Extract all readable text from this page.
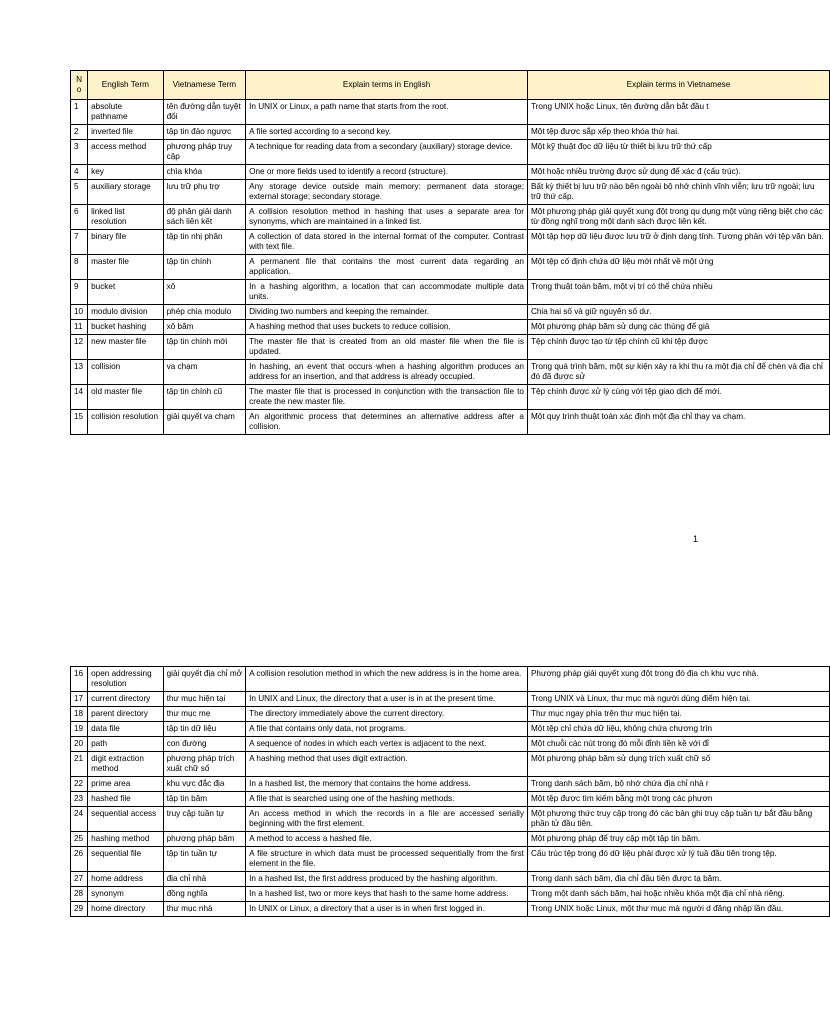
N o	English Term	Vietnamese Term	Explain terms in English	Explain terms in Vietnamese
1	absolute pathname	tên đường dẫn tuyệt đối	In UNIX or Linux, a path name that starts from the root.	Trong UNIX hoặc Linux, tên đường dẫn bắt đầu t
2	inverted file	tập tin đảo ngược	A file sorted according to a second key.	Một tệp được sắp xếp theo khóa thứ hai.
3	access method	phương pháp truy cập	A technique for reading data from a secondary (auxiliary) storage device.	Một kỹ thuật đọc dữ liệu từ thiết bị lưu trữ thứ cấp
4	key	chìa khóa	One or more fields used to identify a record (structure).	Một hoặc nhiều trường được sử dụng để xác đ (cấu trúc).
5	auxiliary storage	lưu trữ phụ trợ	Any storage device outside main memory: permanent data storage; external storage; secondary storage.	Bất kỳ thiết bị lưu trữ nào bên ngoài bộ nhớ chính vĩnh viễn; lưu trữ ngoài; lưu trữ thứ cấp.
6	linked list resolution	độ phân giải danh sách liên kết	A collision resolution method in hashing that uses a separate area for synonyms, which are maintained in a linked list.	Một phương pháp giải quyết xung đột trong qu dụng một vùng riêng biệt cho các từ đồng nghĩ trong một danh sách được liên kết.
7	binary file	tập tin nhị phân	A collection of data stored in the internal format of the computer. Contrast with text file.	Một tập hợp dữ liệu được lưu trữ ở định dạng tính. Tương phản với tệp văn bản.
8	master file	tập tin chính	A permanent file that contains the most current data regarding an application.	Một tệp cố định chứa dữ liệu mới nhất về một ứng
9	bucket	xô	In a hashing algorithm, a location that can accommodate multiple data units.	Trong thuật toán băm, một vị trí có thể chứa nhiều
10	modulo division	phép chia modulo	Dividing two numbers and keeping the remainder.	Chia hai số và giữ nguyên số dư.
11	bucket hashing	xô băm	A hashing method that uses buckets to reduce collision.	Một phương pháp băm sử dụng các thùng để giả
12	new master file	tập tin chính mới	The master file that is created from an old master file when the file is updated.	Tệp chính được tạo từ tệp chính cũ khi tệp được
13	collision	va chạm	In hashing, an event that occurs when a hashing algorithm produces an address for an insertion, and that address is already occupied.	Trong quá trình băm, một sự kiện xảy ra khi thu ra một địa chỉ để chèn và địa chỉ đó đã được sử
14	old master file	tập tin chính cũ	The master file that is processed in conjunction with the transaction file to create the new master file.	Tệp chính được xử lý cùng với tệp giao dịch để mới.
15	collision resolution	giải quyết va chạm	An algorithmic process that determines an alternative address after a collision.	Một quy trình thuật toán xác định một địa chỉ thay va chạm.
1
16	open addressing resolution	giải quyết địa chỉ mở	A collision resolution method in which the new address is in the home area.	Phương pháp giải quyết xung đột trong đó địa ch khu vực nhà.
17	current directory	thư mục hiện tại	In UNIX and Linux, the directory that a user is in at the present time.	Trong UNIX và Linux, thư mục mà người dùng điểm hiện tại.
18	parent directory	thư mục mẹ	The directory immediately above the current directory.	Thư mục ngay phía trên thư mục hiện tại.
19	data file	tập tin dữ liệu	A file that contains only data, not programs.	Một tệp chỉ chứa dữ liệu, không chứa chương trìn
20	path	con đường	A sequence of nodes in which each vertex is adjacent to the next.	Một chuỗi các nút trong đó mỗi đỉnh liền kề với đỉ
21	digit extraction method	phương pháp trích xuất chữ số	A hashing method that uses digit extraction.	Một phương pháp băm sử dụng trích xuất chữ số
22	prime area	khu vực đắc địa	In a hashed list, the memory that contains the home address.	Trong danh sách băm, bộ nhớ chứa địa chỉ nhà r
23	hashed file	tập tin băm	A file that is searched using one of the hashing methods.	Một tệp được tìm kiếm bằng một trong các phươn
24	sequential access	truy cập tuần tự	An access method in which the records in a file are accessed serially beginning with the first element.	Một phương thức truy cập trong đó các bản ghi truy cập tuần tự bắt đầu bằng phần tử đầu tiên.
25	hashing method	phương pháp băm	A method to access a hashed file.	Một phương pháp để truy cập một tập tin băm.
26	sequential file	tập tin tuần tự	A file structure in which data must be processed sequentially from the first element in the file.	Cấu trúc tệp trong đó dữ liệu phải được xử lý tuầ đầu tiên trong tệp.
27	home address	địa chỉ nhà	In a hashed list, the first address produced by the hashing algorithm.	Trong danh sách băm, địa chỉ đầu tiên được tạ băm.
28	synonym	đồng nghĩa	In a hashed list, two or more keys that hash to the same home address.	Trong một danh sách băm, hai hoặc nhiều khóa một địa chỉ nhà riêng.
29	home directory	thư mục nhà	In UNIX or Linux, a directory that a user is in when first logged in.	Trong UNIX hoặc Linux, một thư mục mà người d đăng nhập lần đầu.
